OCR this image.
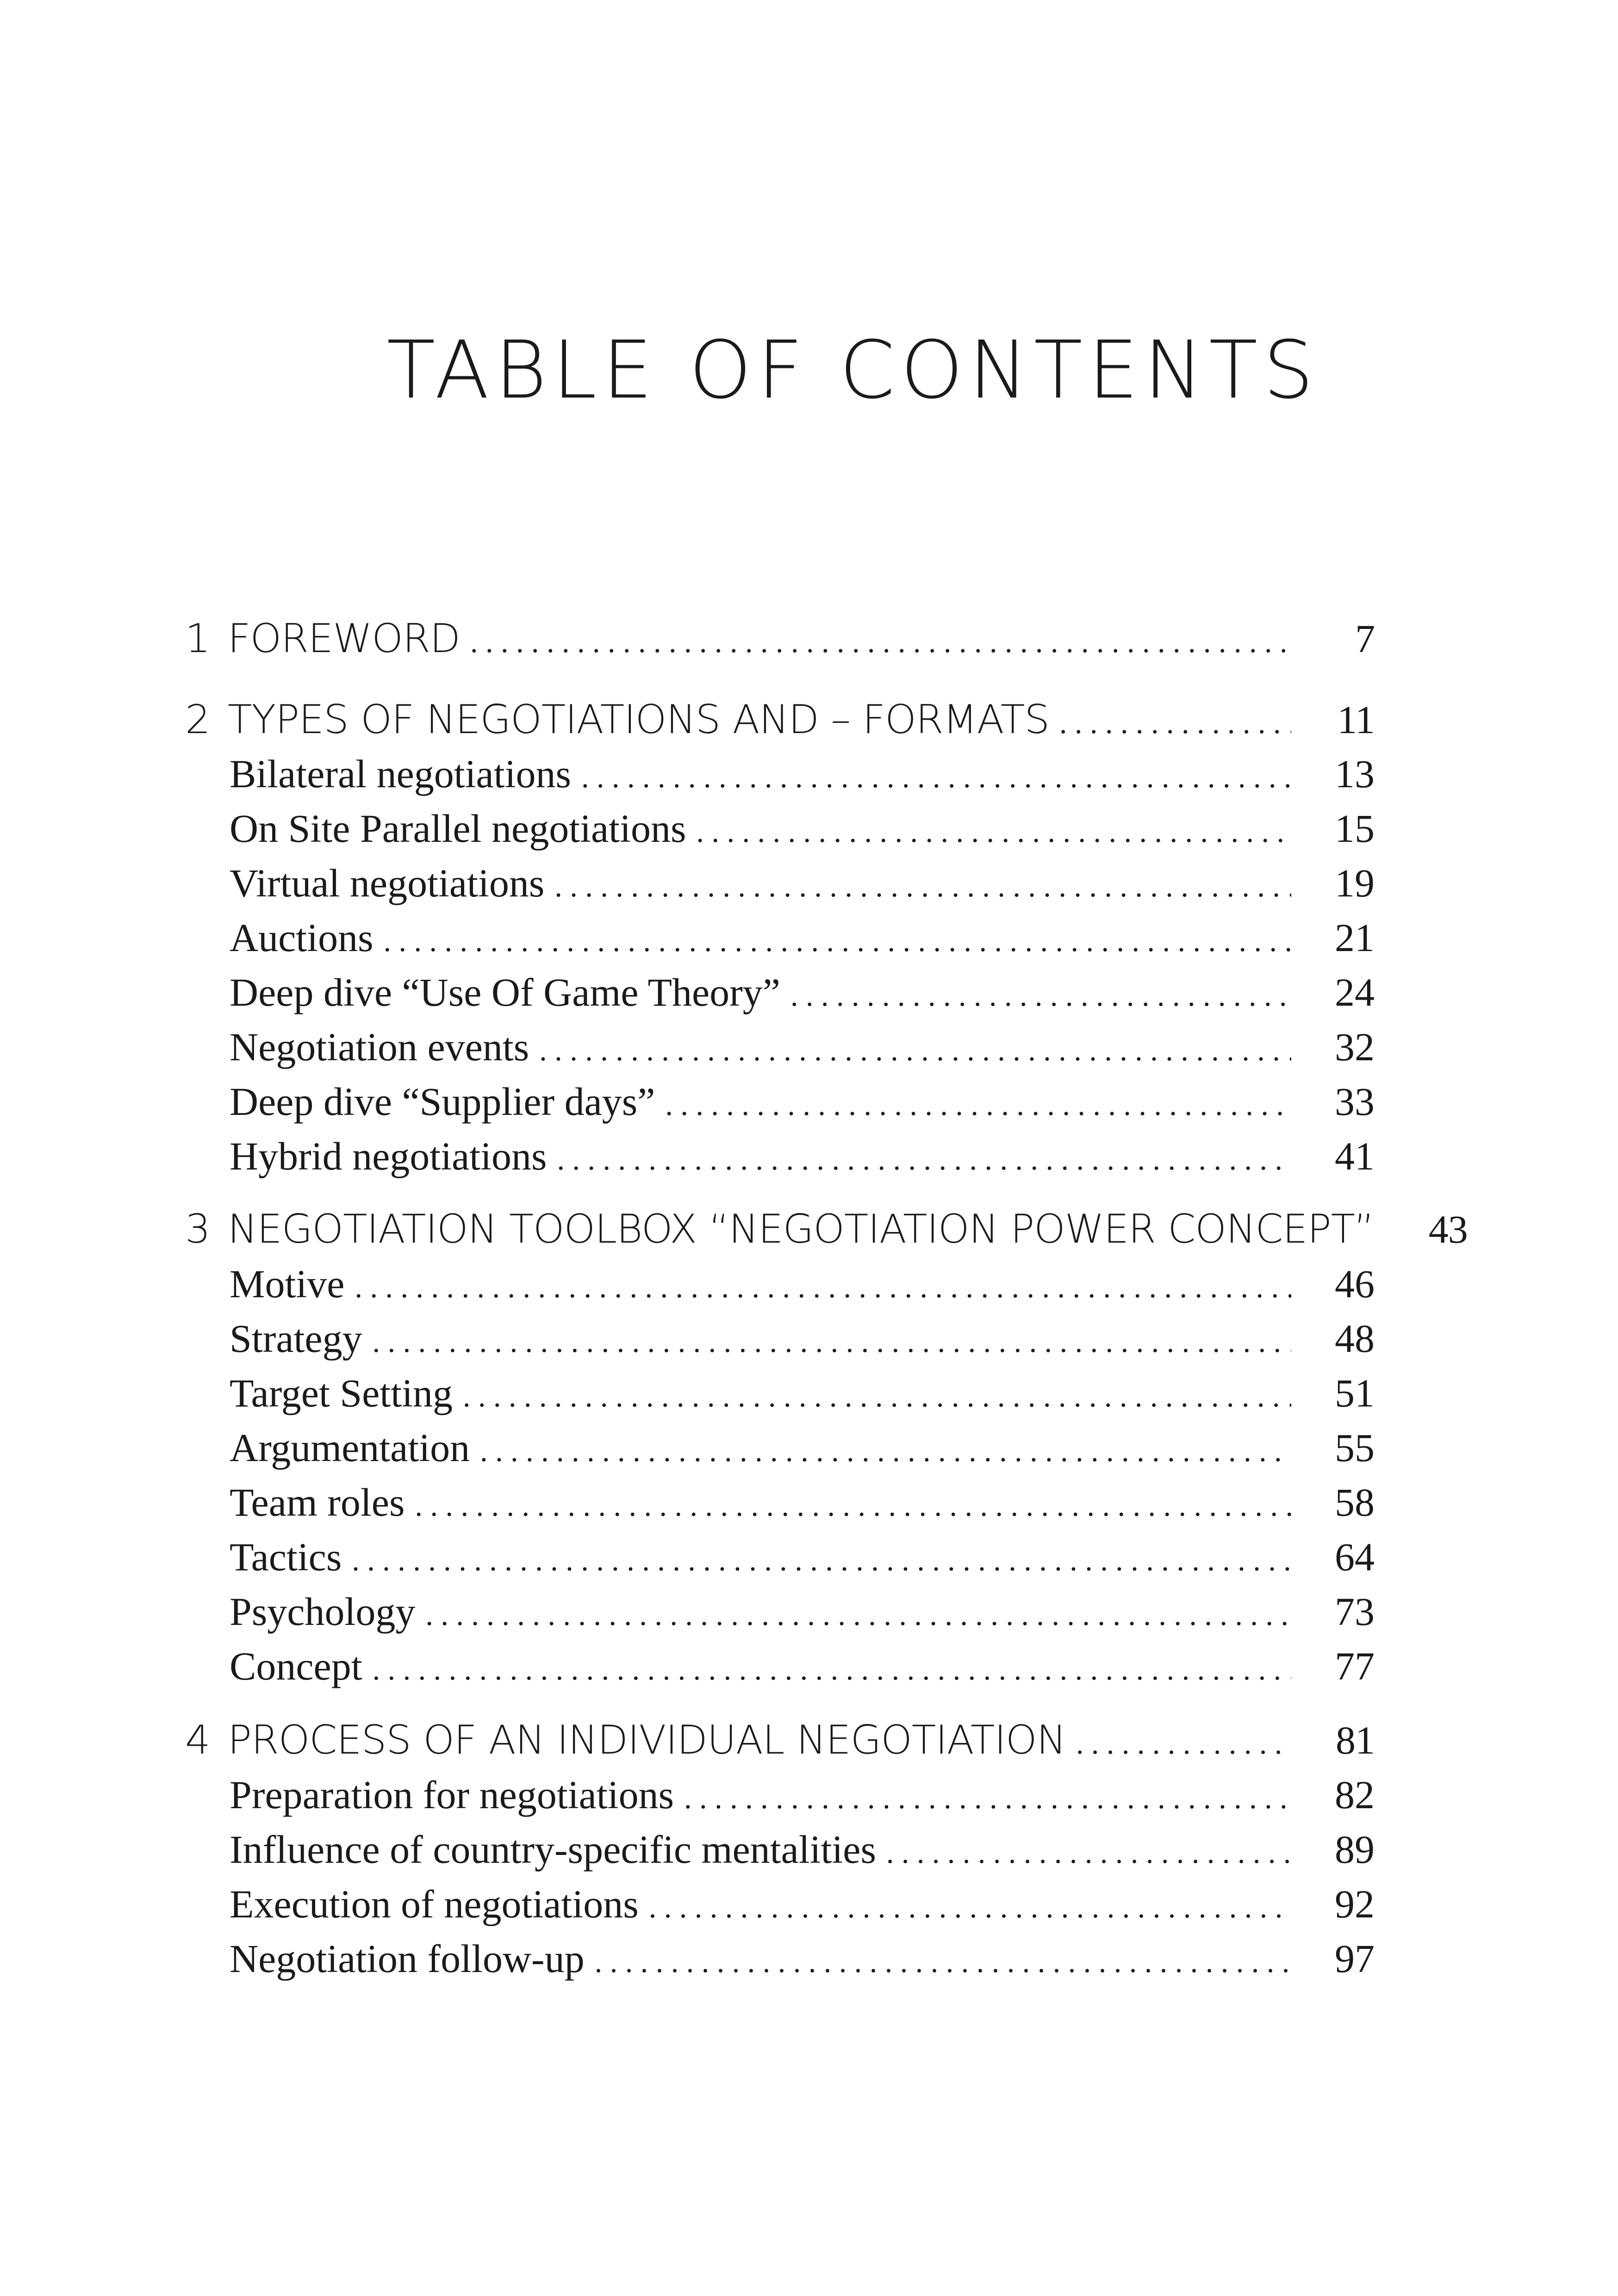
TABLE OF CONTENTS
1 FOREWORD . . .	7
2 TYPES OF NEGOTIATIONS AND – FORMATS . . .	11
Bilateral negotiations . . .	13
On Site Parallel negotiations . . .	15
Virtual negotiations . . .	19
Auctions . . .	21
Deep dive “Use Of Game Theory” . . .	24
Negotiation events . . .	32
Deep dive “Supplier days” . . .	33
Hybrid negotiations . . .	41
3 NEGOTIATION TOOLBOX “NEGOTIATION POWER CONCEPT”	43
Motive . . .	46
Strategy . . .	48
Target Setting . . .	51
Argumentation . . .	55
Team roles . . .	58
Tactics . . .	64
Psychology . . .	73
Concept . . .	77
4 PROCESS OF AN INDIVIDUAL NEGOTIATION . . .	81
Preparation for negotiations . . .	82
Influence of country-specific mentalities . . .	89
Execution of negotiations . . .	92
Negotiation follow-up . . .	97
